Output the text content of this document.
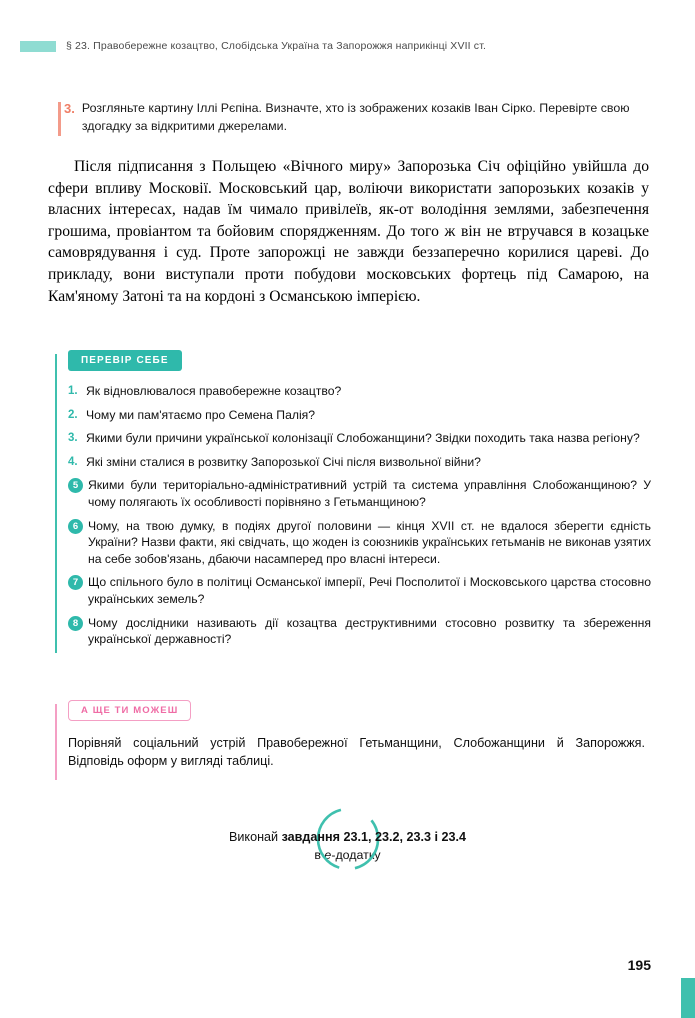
§ 23. Правобережне козацтво, Слобідська Україна та Запорожжя наприкінці XVII ст.
3. Розгляньте картину Іллі Рєпіна. Визначте, хто із зображених козаків Іван Сірко. Перевірте свою здогадку за відкритими джерелами.
Після підписання з Польщею «Вічного миру» Запорозька Січ офіційно увійшла до сфери впливу Московії. Московський цар, воліючи використати запорозьких козаків у власних інтересах, надав їм чимало привілеїв, як-от володіння землями, забезпечення грошима, провіантом та бойовим спорядженням. До того ж він не втручався в козацьке самоврядування і суд. Проте запорожці не завжди беззаперечно корилися цареві. До прикладу, вони виступали проти побудови московських фортець під Самарою, на Кам'яному Затоні та на кордоні з Османською імперією.
ПЕРЕВІР СЕБЕ
1. Як відновлювалося правобережне козацтво?
2. Чому ми пам'ятаємо про Семена Палія?
3. Якими були причини української колонізації Слобожанщини? Звідки походить така назва регіону?
4. Які зміни сталися в розвитку Запорозької Січі після визвольної війни?
5 Якими були територіально-адміністративний устрій та система управління Слобожанщиною? У чому полягають їх особливості порівняно з Гетьманщиною?
6 Чому, на твою думку, в подіях другої половини — кінця XVII ст. не вдалося зберегти єдність України? Назви факти, які свідчать, що жоден із союзників українських гетьманів не виконав узятих на себе зобов'язань, дбаючи насамперед про власні інтереси.
7 Що спільного було в політиці Османської імперії, Речі Посполитої і Московського царства стосовно українських земель?
8 Чому дослідники називають дії козацтва деструктивними стосовно розвитку та збереження української державності?
А ЩЕ ТИ МОЖЕШ
Порівняй соціальний устрій Правобережної Гетьманщини, Слобожанщини й Запорожжя. Відповідь оформ у вигляді таблиці.
Виконай завдання 23.1, 23.2, 23.3 і 23.4
в е-додатку
195
